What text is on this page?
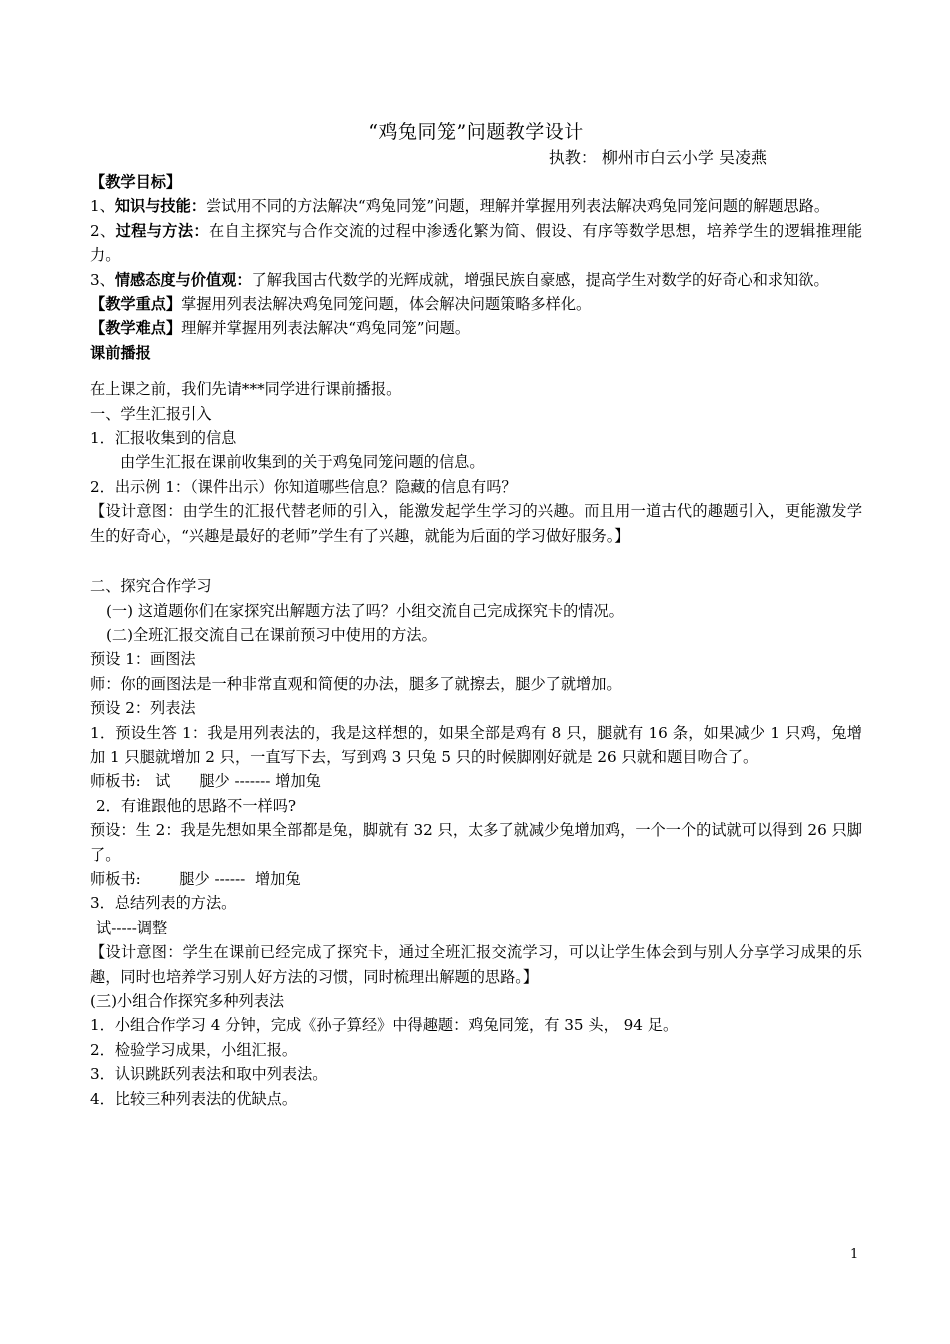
“鸡兔同笼”问题教学设计
执教： 柳州市白云小学 吴凌燕

【教学目标】

1、知识与技能：尝试用不同的方法解决“鸡兔同笼”问题，理解并掌握用列表法解决鸡兔同笼问题的解题思路。

2、过程与方法：在自主探究与合作交流的过程中渗透化繁为简、假设、有序等数学思想，培养学生的逻辑推理能力。

3、情感态度与价值观：了解我国古代数学的光辉成就，增强民族自豪感，提高学生对数学的好奇心和求知欲。

【教学重点】掌握用列表法解决鸡兔同笼问题，体会解决问题策略多样化。

【教学难点】理解并掌握用列表法解决“鸡兔同笼”问题。

课前播报

在上课之前，我们先请***同学进行课前播报。

一、学生汇报引入

1．汇报收集到的信息

由学生汇报在课前收集到的关于鸡兔同笼问题的信息。

2．出示例 1：（课件出示）你知道哪些信息？隐藏的信息有吗？

【设计意图：由学生的汇报代替老师的引入，能激发起学生学习的兴趣。而且用一道古代的趣题引入，更能激发学生的好奇心，“兴趣是最好的老师”学生有了兴趣，就能为后面的学习做好服务。】

二、探究合作学习

(一) 这道题你们在家探究出解题方法了吗？小组交流自己完成探究卡的情况。

(二)全班汇报交流自己在课前预习中使用的方法。

预设 1：画图法

师：你的画图法是一种非常直观和简便的办法，腿多了就擦去，腿少了就增加。

预设 2：列表法

1．预设生答 1：我是用列表法的，我是这样想的，如果全部是鸡有 8 只，腿就有 16 条，如果减少 1 只鸡，兔增加 1 只腿就增加 2 只，一直写下去，写到鸡 3 只兔 5 只的时候脚刚好就是 26 只就和题目吻合了。

师板书:   试      腿少 ------- 增加兔

2．有谁跟他的思路不一样吗?

预设：生 2：我是先想如果全部都是兔，脚就有 32 只，太多了就减少兔增加鸡，一个一个的试就可以得到 26 只脚了。

师板书:        腿少 ------  增加兔

3．总结列表的方法。

试-----调整

【设计意图：学生在课前已经完成了探究卡，通过全班汇报交流学习，可以让学生体会到与别人分享学习成果的乐趣，同时也培养学习别人好方法的习惯，同时梳理出解题的思路。】

(三)小组合作探究多种列表法

1．小组合作学习 4 分钟，完成《孙子算经》中得趣题：鸡兔同笼，有 35 头， 94 足。

2．检验学习成果，小组汇报。

3．认识跳跃列表法和取中列表法。

4．比较三种列表法的优缺点。

1
